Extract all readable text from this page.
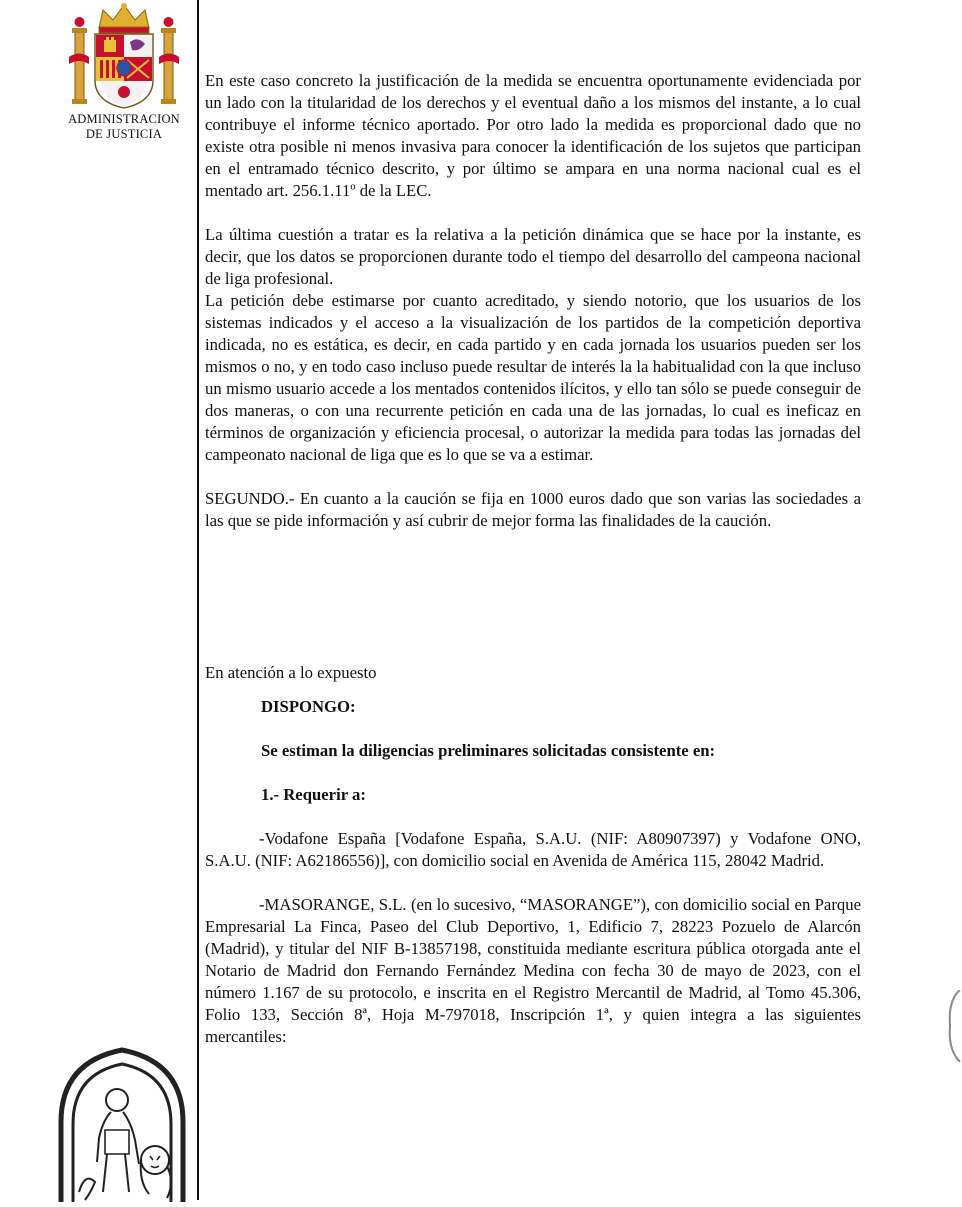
ADMINISTRACION
DE JUSTICIA

En este caso concreto la justificación de la medida se encuentra oportunamente evidenciada por un lado con la titularidad de los derechos y el eventual daño a los mismos del instante, a lo cual contribuye el informe técnico aportado. Por otro lado la medida es proporcional dado que no existe otra posible ni menos invasiva para conocer la identificación de los sujetos que participan en el entramado técnico descrito, y por último se ampara en una norma nacional cual es el mentado art. 256.1.11º de la LEC.

La última cuestión a tratar es la relativa a la petición dinámica que se hace por la instante, es decir, que los datos se proporcionen durante todo el tiempo del desarrollo del campeona nacional de liga profesional.

La petición debe estimarse por cuanto acreditado, y siendo notorio, que los usuarios de los sistemas indicados y el acceso a la visualización de los partidos de la competición deportiva indicada, no es estática, es decir, en cada partido y en cada jornada los usuarios pueden ser los mismos o no, y en todo caso incluso puede resultar de interés la la habitualidad con la que incluso un mismo usuario accede a los mentados contenidos ilícitos, y ello tan sólo se puede conseguir de dos maneras, o con una recurrente petición en cada una de las jornadas, lo cual es ineficaz en términos de organización y eficiencia procesal, o autorizar la medida para todas las jornadas del campeonato nacional de liga que es lo que se va a estimar.

SEGUNDO.- En cuanto a la caución se fija en 1000 euros dado que son varias las sociedades a las que se pide información y así cubrir de mejor forma las finalidades de la caución.

En atención a lo expuesto

DISPONGO:

Se estiman la diligencias preliminares solicitadas consistente en:

1.- Requerir a:

-Vodafone España [Vodafone España, S.A.U. (NIF: A80907397) y Vodafone ONO, S.A.U. (NIF: A62186556)], con domicilio social en Avenida de América 115, 28042 Madrid.

-MASORANGE, S.L. (en lo sucesivo, “MASORANGE”), con domicilio social en Parque Empresarial La Finca, Paseo del Club Deportivo, 1, Edificio 7, 28223 Pozuelo de Alarcón (Madrid), y titular del NIF B-13857198, constituida mediante escritura pública otorgada ante el Notario de Madrid don Fernando Fernández Medina con fecha 30 de mayo de 2023, con el número 1.167 de su protocolo, e inscrita en el Registro Mercantil de Madrid, al Tomo 45.306, Folio 133, Sección 8ª, Hoja M-797018, Inscripción 1ª, y quien integra a las siguientes mercantiles:
